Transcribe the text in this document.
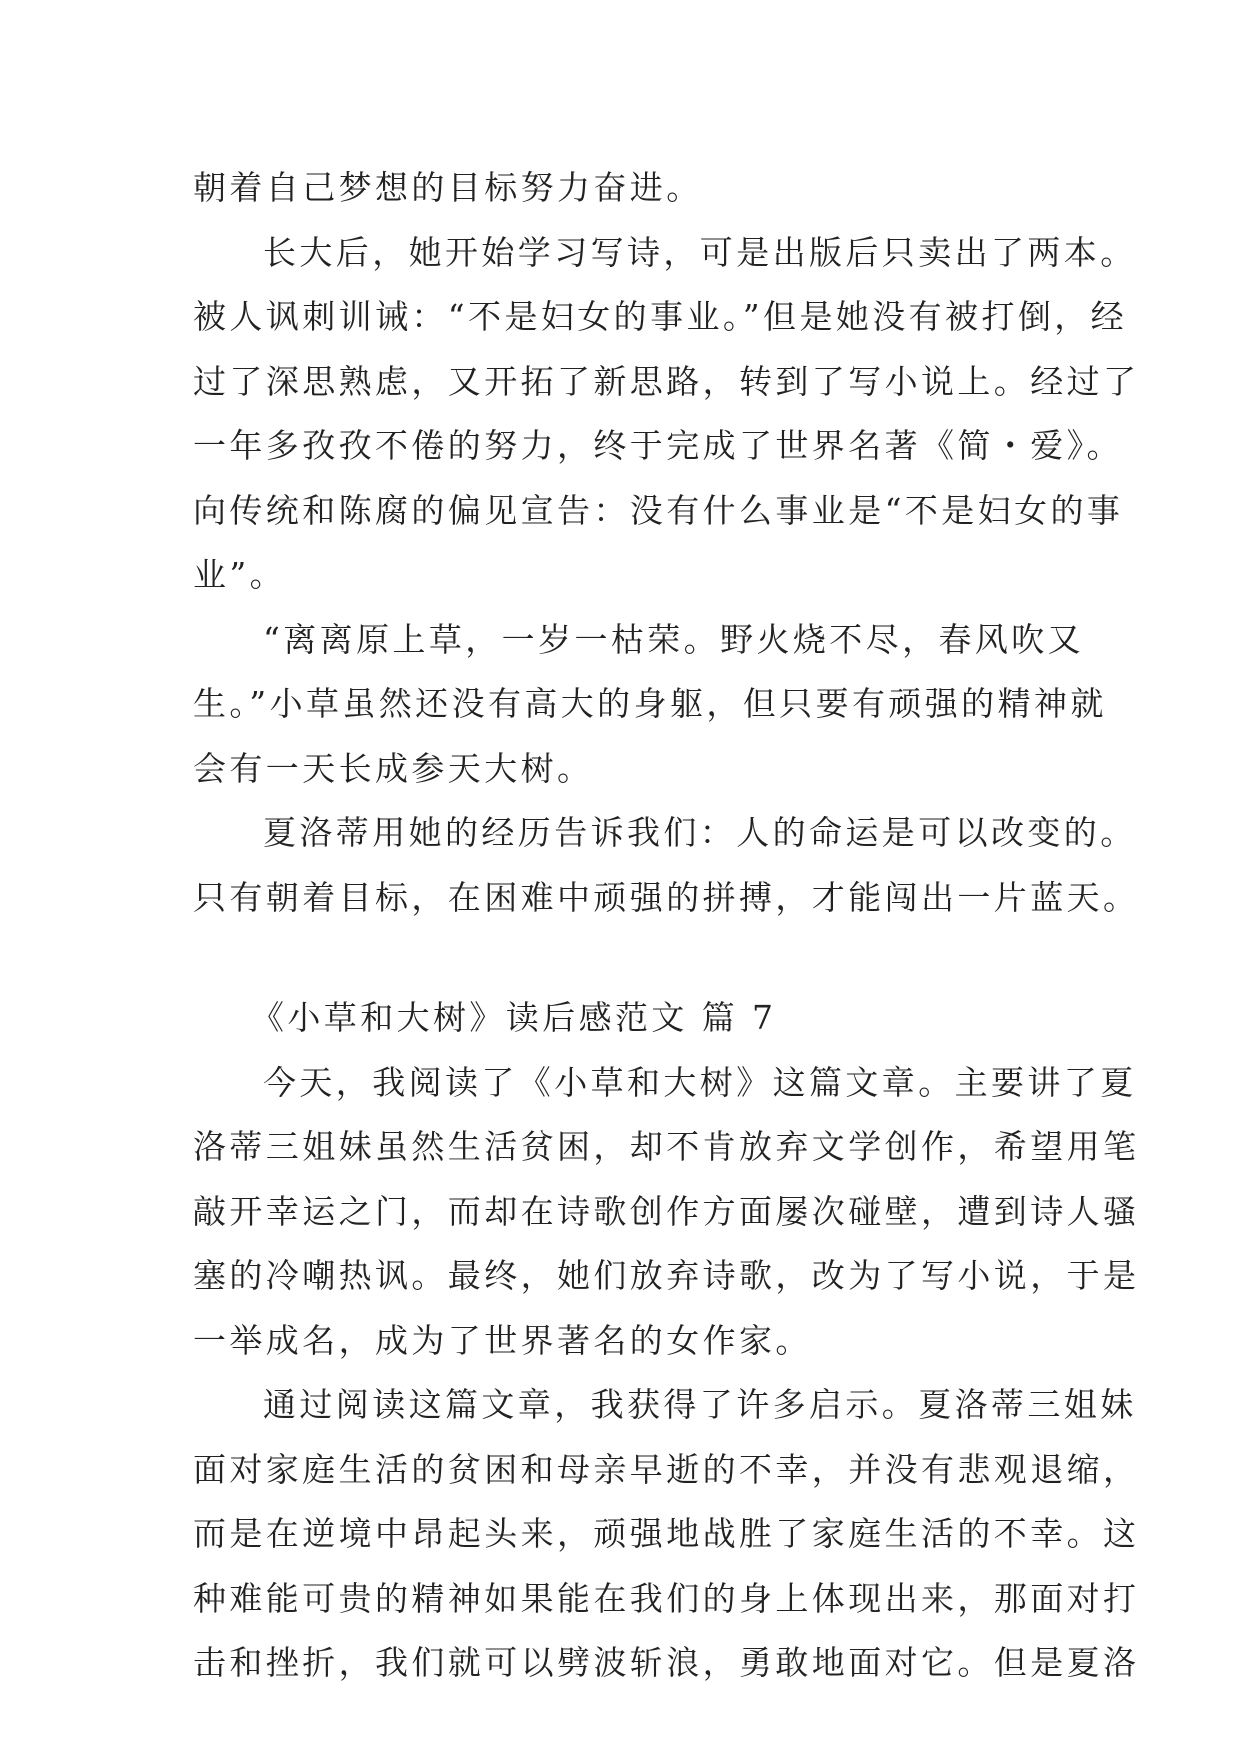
朝着自己梦想的目标努力奋进。
长大后，她开始学习写诗，可是出版后只卖出了两本。
被人讽刺训诫：“不是妇女的事业。”但是她没有被打倒，经
过了深思熟虑，又开拓了新思路，转到了写小说上。经过了
一年多孜孜不倦的努力，终于完成了世界名著《简・爱》。
向传统和陈腐的偏见宣告：没有什么事业是“不是妇女的事
业”。
“离离原上草，一岁一枯荣。野火烧不尽，春风吹又
生。”小草虽然还没有高大的身躯，但只要有顽强的精神就
会有一天长成参天大树。
夏洛蒂用她的经历告诉我们：人的命运是可以改变的。
只有朝着目标，在困难中顽强的拼搏，才能闯出一片蓝天。
《小草和大树》读后感范文 篇 7
今天，我阅读了《小草和大树》这篇文章。主要讲了夏
洛蒂三姐妹虽然生活贫困，却不肯放弃文学创作，希望用笔
敲开幸运之门，而却在诗歌创作方面屡次碰壁，遭到诗人骚
塞的冷嘲热讽。最终，她们放弃诗歌，改为了写小说，于是
一举成名，成为了世界著名的女作家。
通过阅读这篇文章，我获得了许多启示。夏洛蒂三姐妹
面对家庭生活的贫困和母亲早逝的不幸，并没有悲观退缩，
而是在逆境中昂起头来，顽强地战胜了家庭生活的不幸。这
种难能可贵的精神如果能在我们的身上体现出来，那面对打
击和挫折，我们就可以劈波斩浪，勇敢地面对它。但是夏洛
